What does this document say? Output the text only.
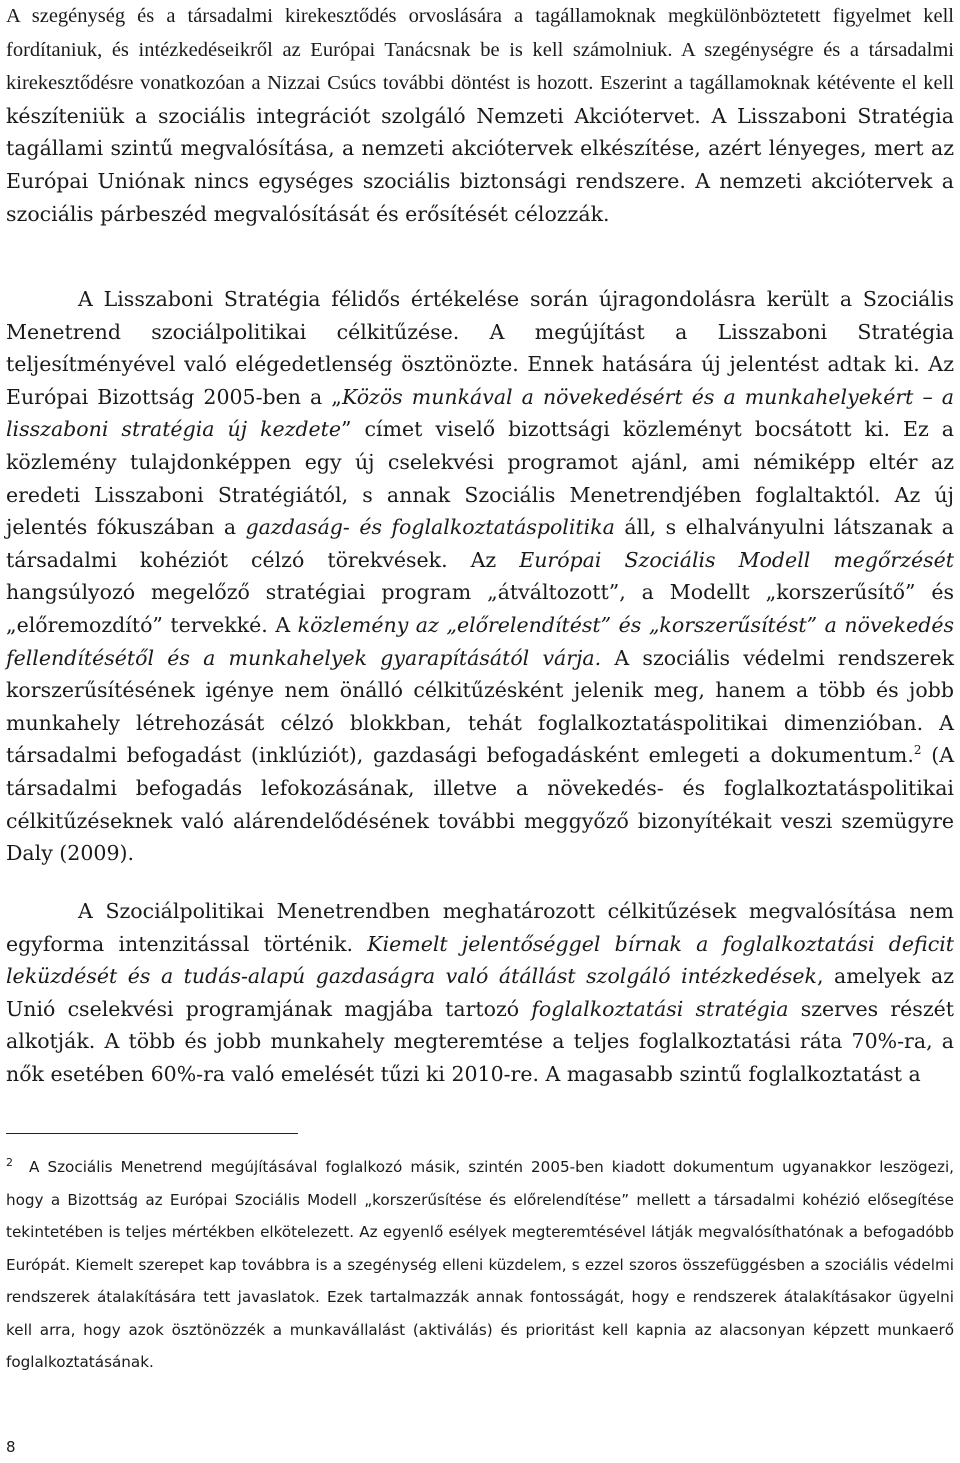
A szegénység és a társadalmi kirekesztődés orvoslására a tagállamoknak megkülönböztetett figyelmet kell fordítaniuk, és intézkedéseikről az Európai Tanácsnak be is kell számolniuk. A szegénységre és a társadalmi kirekesztődésre vonatkozóan a Nizzai Csúcs további döntést is hozott. Eszerint a tagállamoknak kétévente el kell készíteniük a szociális integrációt szolgáló Nemzeti Akciótervet. A Lisszaboni Stratégia tagállami szintű megvalósítása, a nemzeti akciótervek elkészítése, azért lényeges, mert az Európai Uniónak nincs egységes szociális biztonsági rendszere. A nemzeti akciótervek a szociális párbeszéd megvalósítását és erősítését célozzák.

A Lisszaboni Stratégia félidős értékelése során újragondolásra került a Szociális Menetrend szociálpolitikai célkitűzése. A megújítást a Lisszaboni Stratégia teljesítményével való elégedetlenség ösztönözte. Ennek hatására új jelentést adtak ki. Az Európai Bizottság 2005-ben a „Közös munkával a növekedésért és a munkahelyekért – a lisszaboni stratégia új kezdete” címet viselő bizottsági közleményt bocsátott ki. Ez a közlemény tulajdonképpen egy új cselekvési programot ajánl, ami némiképp eltér az eredeti Lisszaboni Stratégiától, s annak Szociális Menetrendjében foglaltaktól. Az új jelentés fókuszában a gazdaság- és foglalkoztatáspolitika áll, s elhalványulni látszanak a társadalmi kohéziót célzó törekvések. Az Európai Szociális Modell megőrzését hangsúlyozó megelőző stratégiai program „átváltozott”, a Modellt „korszerűsítő” és „előremozdító” tervekké. A közlemény az „előrelendítést” és „korszerűsítést” a növekedés fellendítésétől és a munkahelyek gyarapításától várja. A szociális védelmi rendszerek korszerűsítésének igénye nem önálló célkitűzésként jelenik meg, hanem a több és jobb munkahely létrehozását célzó blokkban, tehát foglalkoztatáspolitikai dimenzióban. A társadalmi befogadást (inklúziót), gazdasági befogadásként emlegeti a dokumentum.$^2$ (A társadalmi befogadás lefokozásának, illetve a növekedés- és foglalkoztatáspolitikai célkitűzéseknek való alárendelődésének további meggyőző bizonyítékait veszi szemügyre Daly (2009).

A Szociálpolitikai Menetrendben meghatározott célkitűzések megvalósítása nem egyforma intenzitással történik. Kiemelt jelentőséggel bírnak a foglalkoztatási deficit leküzdését és a tudás-alapú gazdaságra való átállást szolgáló intézkedések, amelyek az Unió cselekvési programjának magjába tartozó foglalkoztatási stratégia szerves részét alkotják. A több és jobb munkahely megteremtése a teljes foglalkoztatási ráta 70%-ra, a nők esetében 60%-ra való emelését tűzi ki 2010-re. A magasabb szintű foglalkoztatást a

$^2$ A Szociális Menetrend megújításával foglalkozó másik, szintén 2005-ben kiadott dokumentum ugyanakkor leszögezi, hogy a Bizottság az Európai Szociális Modell „korszerűsítése és előrelendítése” mellett a társadalmi kohézió elősegítése tekintetében is teljes mértékben elkötelezett. Az egyenlő esélyek megteremtésével látják megvalósíthatónak a befogadóbb Európát. Kiemelt szerepet kap továbbra is a szegénység elleni küzdelem, s ezzel szoros összefüggésben a szociális védelmi rendszerek átalakítására tett javaslatok. Ezek tartalmazzák annak fontosságát, hogy e rendszerek átalakításakor ügyelni kell arra, hogy azok ösztönözzék a munkavállalást (aktiválás) és prioritást kell kapnia az alacsonyan képzett munkaerő foglalkoztatásának.

8
